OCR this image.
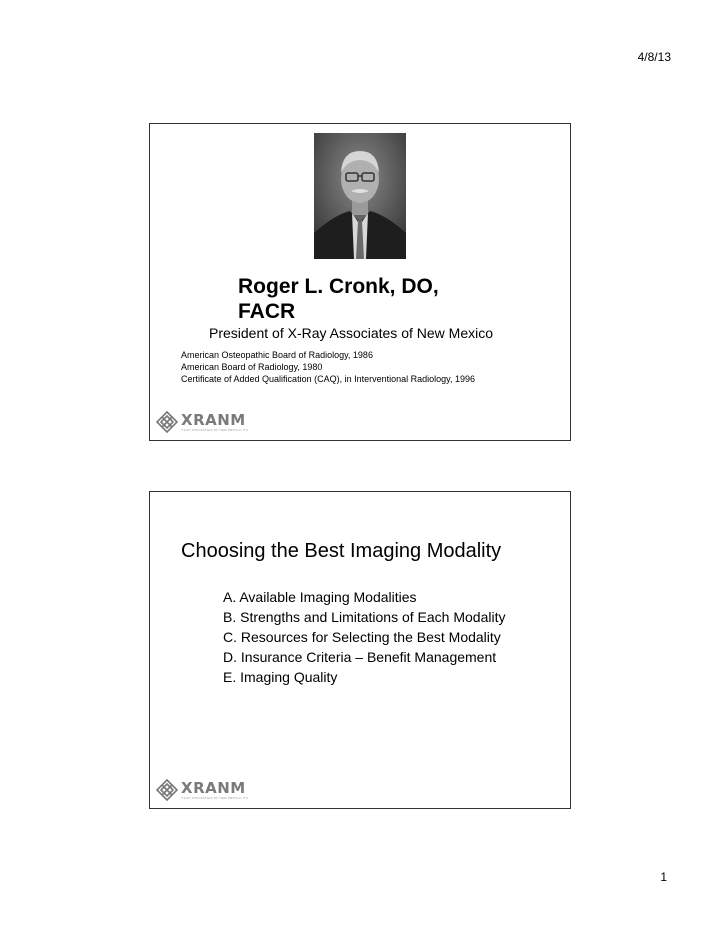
4/8/13
Roger L. Cronk, DO,
FACR
President of X-Ray Associates of New Mexico
American Osteopathic Board of Radiology, 1986
American Board of Radiology, 1980
Certificate of Added Qualification (CAQ), in Interventional Radiology, 1996
XRANM
X-RAY ASSOCIATES OF NEW MEXICO, P.C.
Choosing the Best Imaging Modality
A. Available Imaging Modalities
B. Strengths and Limitations of Each Modality
C. Resources for Selecting the Best Modality
D. Insurance Criteria – Benefit Management
E. Imaging Quality
XRANM
X-RAY ASSOCIATES OF NEW MEXICO, P.C.
1
